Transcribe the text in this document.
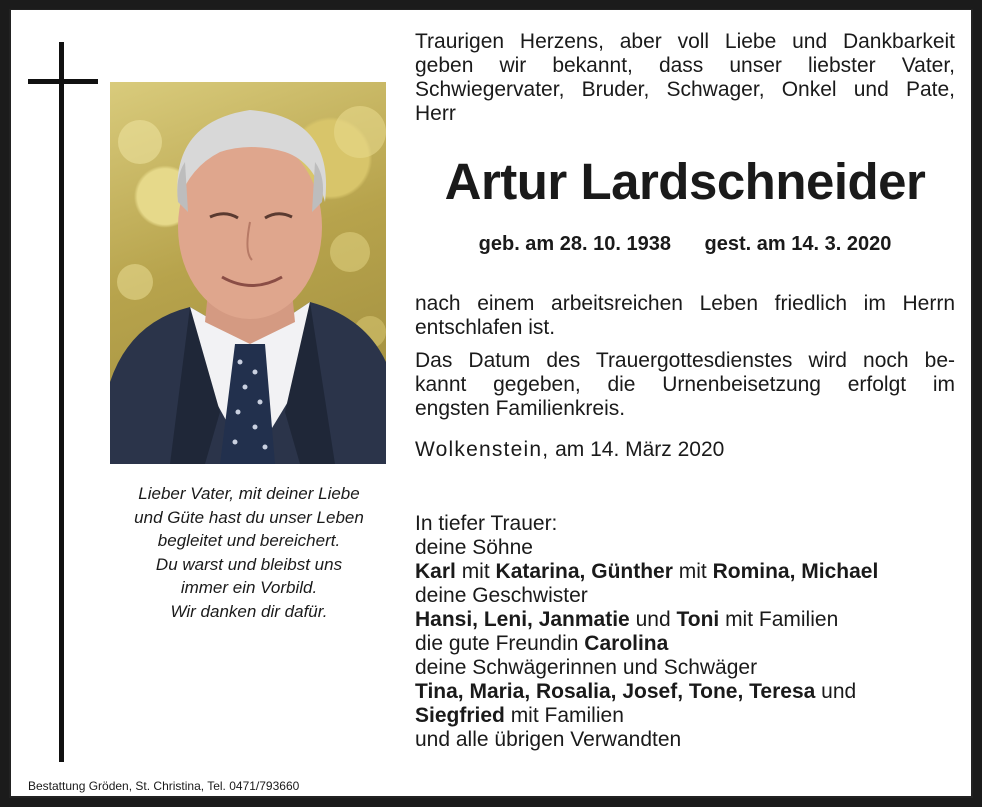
Lieber Vater, mit deiner Liebe
und Güte hast du unser Leben
begleitet und bereichert.
Du warst und bleibst uns
immer ein Vorbild.
Wir danken dir dafür.
Traurigen Herzens, aber voll Liebe und Dankbarkeit
geben wir bekannt, dass unser liebster Vater,
Schwiegervater, Bruder, Schwager, Onkel und Pate,
Herr
Artur Lardschneider
geb. am 28. 10. 1938 gest. am 14. 3. 2020
nach einem arbeitsreichen Leben friedlich im Herrn
entschlafen ist.
Das Datum des Trauergottesdienstes wird noch be-
kannt gegeben, die Urnenbeisetzung erfolgt im
engsten Familienkreis.
Wolkenstein, am 14. März 2020
In tiefer Trauer:
deine Söhne
Karl mit Katarina, Günther mit Romina, Michael
deine Geschwister
Hansi, Leni, Janmatie und Toni mit Familien
die gute Freundin Carolina
deine Schwägerinnen und Schwäger
Tina, Maria, Rosalia, Josef, Tone, Teresa und
Siegfried mit Familien
und alle übrigen Verwandten
Bestattung Gröden, St. Christina, Tel. 0471/793660
